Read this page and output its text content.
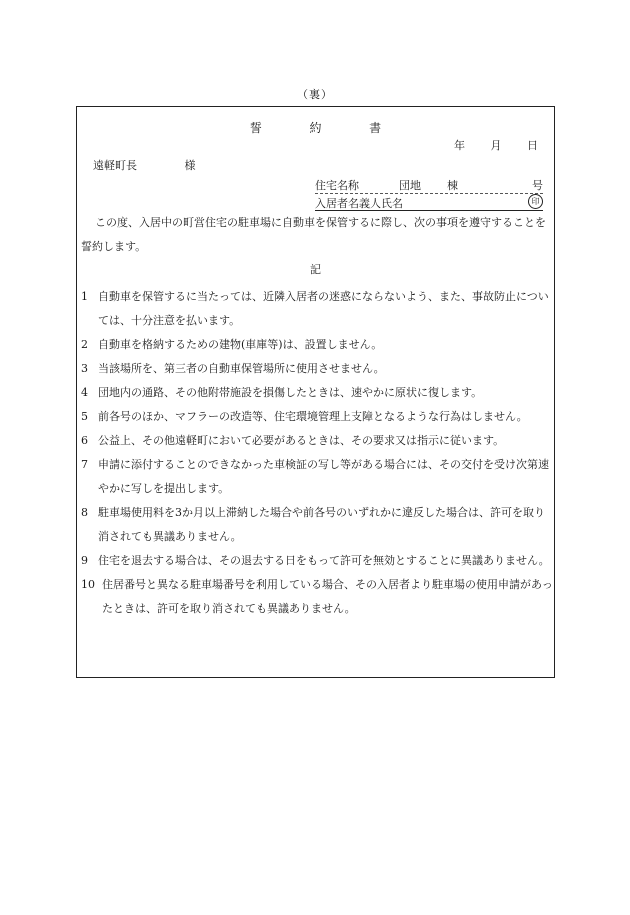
（裏）
誓	約	書
年 月 日
遠軽町長	様
住宅名称	団地	棟	号
入居者名義人氏名	印
この度、入居中の町営住宅の駐車場に自動車を保管するに際し、次の事項を遵守することを誓約します。
記
1 自動車を保管するに当たっては、近隣入居者の迷惑にならないよう、また、事故防止については、十分注意を払います。
2 自動車を格納するための建物(車庫等)は、設置しません。
3 当該場所を、第三者の自動車保管場所に使用させません。
4 団地内の通路、その他附帯施設を損傷したときは、速やかに原状に復します。
5 前各号のほか、マフラーの改造等、住宅環境管理上支障となるような行為はしません。
6 公益上、その他遠軽町において必要があるときは、その要求又は指示に従います。
7 申請に添付することのできなかった車検証の写し等がある場合には、その交付を受け次第速やかに写しを提出します。
8 駐車場使用料を3か月以上滞納した場合や前各号のいずれかに違反した場合は、許可を取り消されても異議ありません。
9 住宅を退去する場合は、その退去する日をもって許可を無効とすることに異議ありません。
10 住居番号と異なる駐車場番号を利用している場合、その入居者より駐車場の使用申請があったときは、許可を取り消されても異議ありません。
